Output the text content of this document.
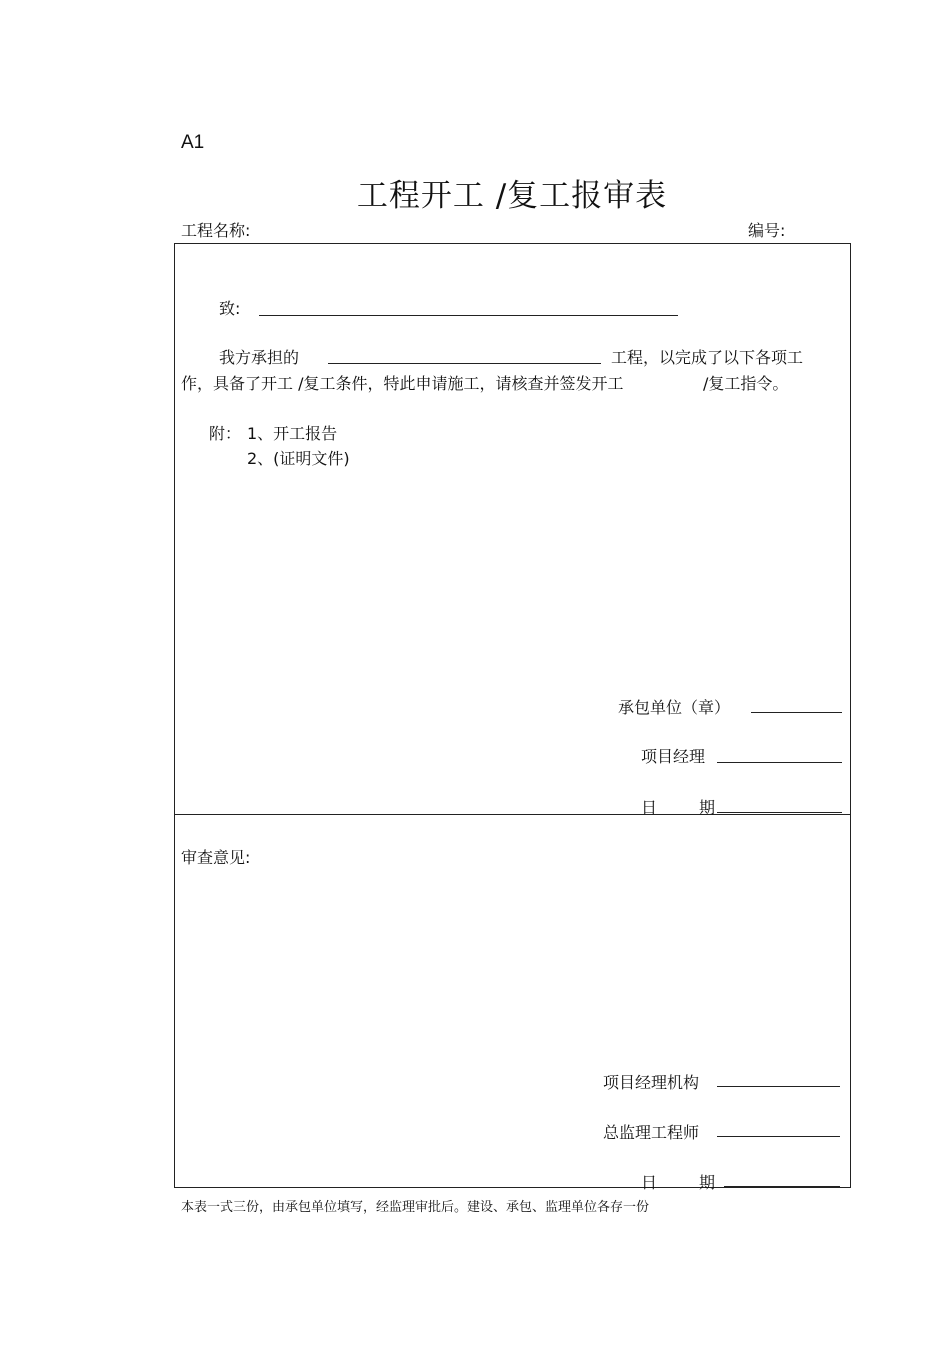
A1
工程开工 /复工报审表
工程名称:	编号:
致:
我方承担的	工程，以完成了以下各项工
作，具备了开工 /复工条件，特此申请施工，请核查并签发开工	/复工指令。
附： 1、开工报告
2、(证明文件)
承包单位（章）
项目经理
日	期
审查意见:
项目经理机构
总监理工程师
日	期
本表一式三份，由承包单位填写，经监理审批后。建设、承包、监理单位各存一份
